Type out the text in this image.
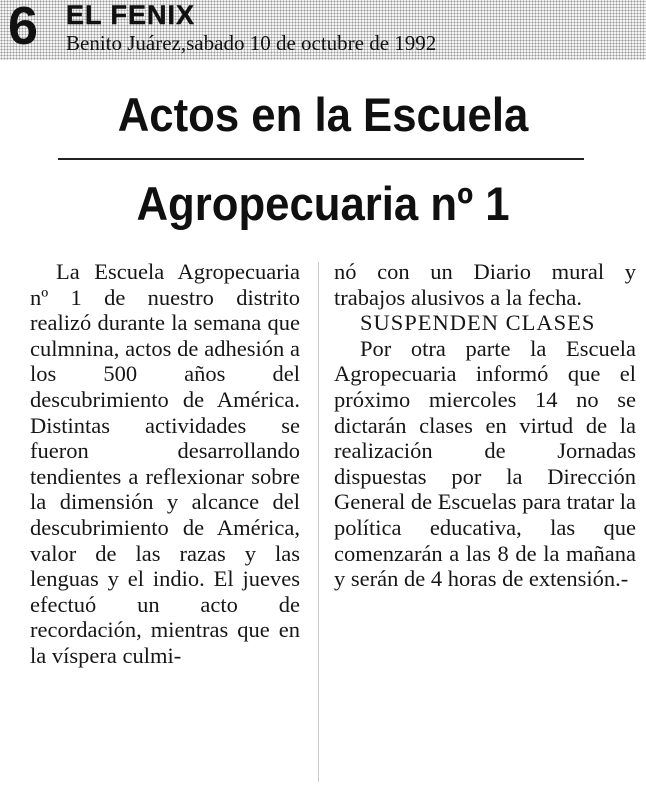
6 EL FENIX
Benito Juárez,sabado 10 de octubre de 1992
Actos en la Escuela
Agropecuaria nº 1

La Escuela Agropecuaria nº 1 de nuestro distrito realizó durante la semana que culmnina, actos de adhesión a los 500 años del descubrimiento de América. Distintas actividades se fueron desarrollando tendientes a reflexionar sobre la dimensión y alcance del descubrimiento de América, valor de las razas y las lenguas y el indio. El jueves efectuó un acto de recordación, mientras que en la víspera culmi-

nó con un Diario mural y trabajos alusivos a la fecha.

SUSPENDEN CLASES

Por otra parte la Escuela Agropecuaria informó que el próximo miercoles 14 no se dictarán clases en virtud de la realización de Jornadas dispuestas por la Dirección General de Escuelas para tratar la política educativa, las que comenzarán a las 8 de la mañana y serán de 4 horas de extensión.-
